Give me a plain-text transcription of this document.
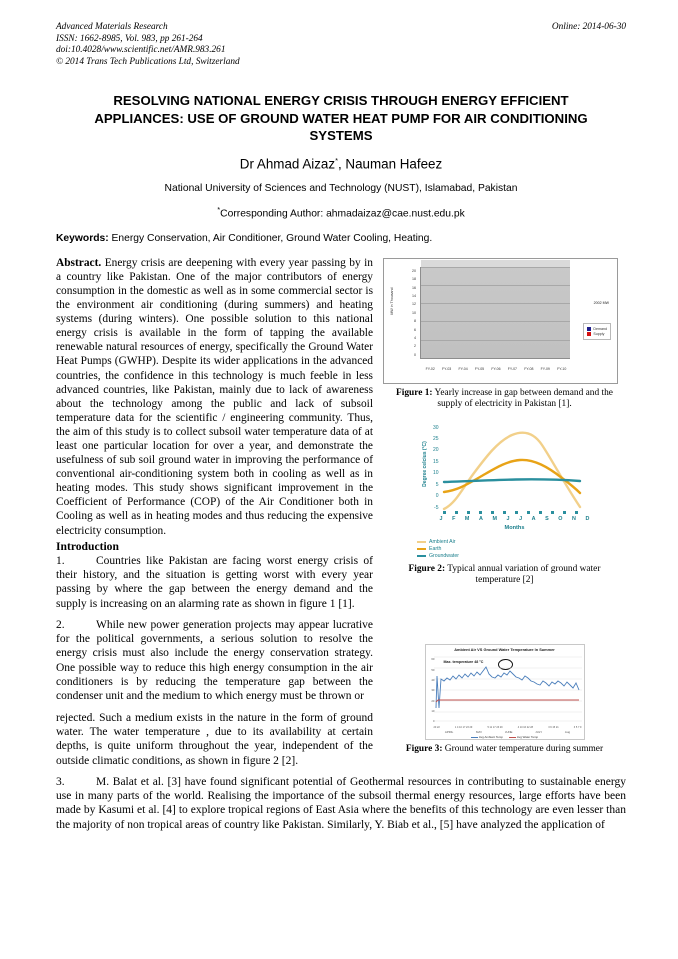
Advanced Materials Research
ISSN: 1662-8985, Vol. 983, pp 261-264
doi:10.4028/www.scientific.net/AMR.983.261
© 2014 Trans Tech Publications Ltd, Switzerland
Online: 2014-06-30
RESOLVING NATIONAL ENERGY CRISIS THROUGH ENERGY EFFICIENT APPLIANCES: USE OF GROUND WATER HEAT PUMP FOR AIR CONDITIONING SYSTEMS
Dr Ahmad Aizaz*, Nauman Hafeez
National University of Sciences and Technology (NUST), Islamabad, Pakistan
*Corresponding Author: ahmadaizaz@cae.nust.edu.pk
Keywords: Energy Conservation, Air Conditioner, Ground Water Cooling, Heating.
MW in Thousand
20
18
16
14
12
10
8
6
4
2
0
FY-02 FY-03 FY-04 FY-05 FY-06 FY-07 FY-08 FY-09 FY-10
2002 MW
Demand
Supply
Figure 1: Yearly increase in gap between demand and the supply of electricity in Pakistan [1].
Degree celcius (°C)
30
25
20
15
10
5
0
-5
J F M A M J J A S O N D
Months
Ambient Air
Earth
Groundwater
Figure 2: Typical annual variation of ground water temperature [2]
Ambient Air VS Ground Water Temperature In Summer
Max. temperature 48 °C
60
50
40
30
20
10
20 22	1 4 10 17 23 29	5 11 17 23 29	4 10 16 22 28	3 9 15 21	3 5 7 9
APRIL	MAY	JUNE	JULY	Aug
Avg Ambient Temp	Avg Water Temp
Figure 3: Ground water temperature during summer
Abstract. Energy crisis are deepening with every year passing by in a country like Pakistan. One of the major contributors of energy consumption in the domestic as well as in some commercial sector is the environment air conditioning (during summers) and heating systems (during winters). One possible solution to this national energy crisis is available in the form of tapping the available renewable natural resources of energy, specifically the Ground Water Heat Pumps (GWHP). Despite its wider applications in the advanced countries, the confidence in this technology is much feeble in less advanced countries, like Pakistan, mainly due to lack of awareness about the technology among the public and lack of subsoil temperature data for the scientific / engineering community. Thus, the aim of this study is to collect subsoil water temperature data of at least one particular location for over a year, and demonstrate the usefulness of sub soil ground water in improving the performance of conventional air-conditioning system both in cooling as well as in heating modes. This study shows significant improvement in the Coefficient of Performance (COP) of the Air Conditioner both in Cooling as well as in heating modes and thus reducing the expensive electricity consumption.
Introduction

1.	Countries like Pakistan are facing worst energy crisis of their history, and the situation is getting worst with every year passing by where the gap between the energy demand and the supply is increasing on an alarming rate as shown in figure 1 [1].

2.	While new power generation projects may appear lucrative for the political governments, a serious solution to resolve the energy crisis must also include the energy conservation strategy. One possible way to reduce this high energy consumption in the air conditioners is by reducing the temperature gap between the condenser unit and the medium to which energy must be thrown or

rejected. Such a medium exists in the nature in the form of ground water. The water temperature , due to its availability at certain depths, is quite uniform throughout the year, independent of the outside climatic conditions, as shown in figure 2 [2].

3.	M. Balat et al. [3] have found significant potential of Geothermal resources in contributing to sustainable energy use in many parts of the world. Realising the importance of the subsoil thermal energy resources, large efforts have been made by Kasumi et al. [4] to explore tropical regions of East Asia where the benefits of this technology are even lesser than the majority of non tropical areas of country like Pakistan. Similarly, Y. Biab et al., [5] have analyzed the application of
